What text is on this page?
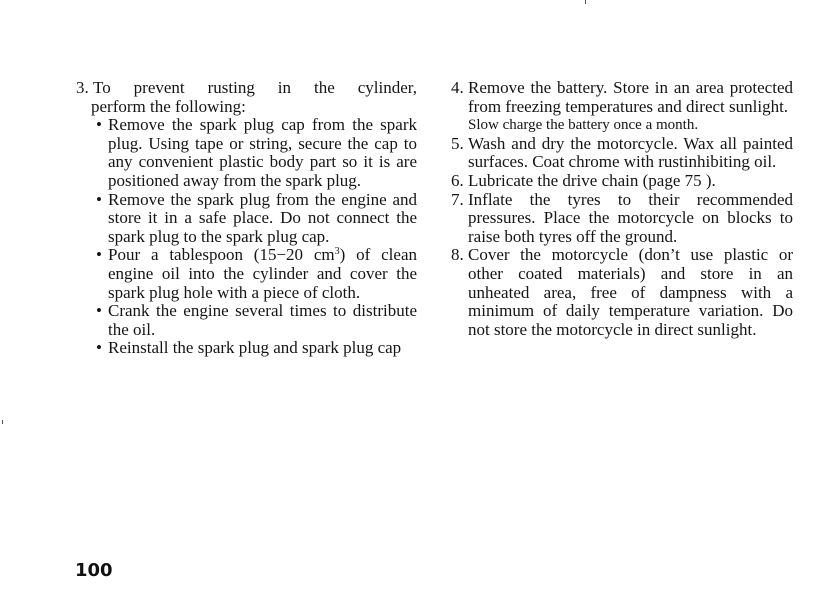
3. To prevent rusting in the cylinder,

perform the following:

• Remove the spark plug cap from the spark plug. Using tape or string, secure the cap to any convenient plastic body part so it is are positioned away from the spark plug.
• Remove the spark plug from the engine and store it in a safe place. Do not connect the spark plug to the spark plug cap.
• Pour a tablespoon (15−20 $cm^3$) of clean engine oil into the cylinder and cover the spark plug hole with a piece of cloth.
• Crank the engine several times to distribute the oil.
• Reinstall the spark plug and spark plug cap
4. Remove the battery. Store in an area protected from freezing temperatures and direct sunlight.

Slow charge the battery once a month.

5. Wash and dry the motorcycle. Wax all painted surfaces. Coat chrome with rustinhibiting oil.

6. Lubricate the drive chain (page 75 ).

7. Inflate the tyres to their recommended pressures. Place the motorcycle on blocks to raise both tyres off the ground.

8. Cover the motorcycle (don’t use plastic or other coated materials) and store in an unheated area, free of dampness with a minimum of daily temperature variation. Do not store the motorcycle in direct sunlight.

100
